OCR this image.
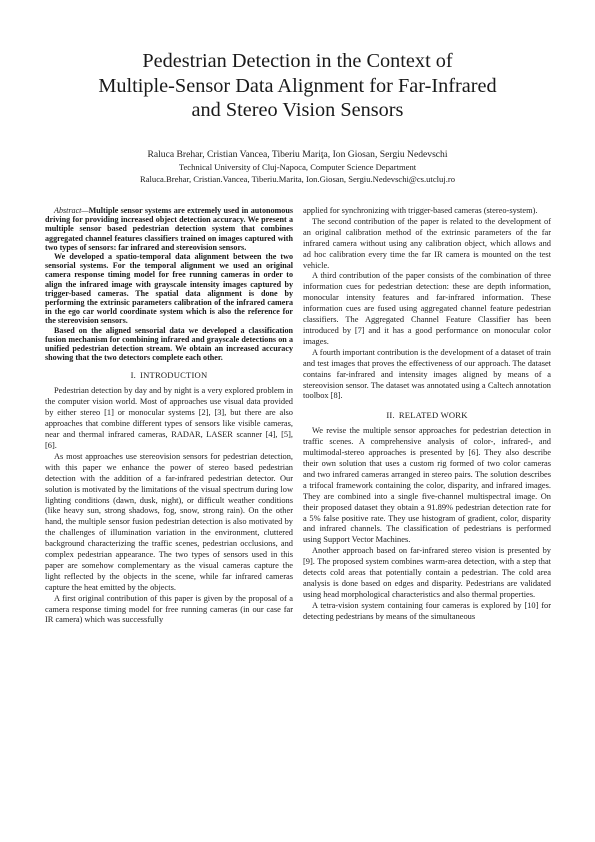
Pedestrian Detection in the Context of
Multiple-Sensor Data Alignment for Far-Infrared
and Stereo Vision Sensors
Raluca Brehar, Cristian Vancea, Tiberiu Mariţa, Ion Giosan, Sergiu Nedevschi
Technical University of Cluj-Napoca, Computer Science Department
Raluca.Brehar, Cristian.Vancea, Tiberiu.Marita, Ion.Giosan, Sergiu.Nedevschi@cs.utcluj.ro

Abstract—Multiple sensor systems are extremely used in autonomous driving for providing increased object detection accuracy. We present a multiple sensor based pedestrian detection system that combines aggregated channel features classifiers trained on images captured with two types of sensors: far infrared and stereovision sensors.

We developed a spatio-temporal data alignment between the two sensorial systems. For the temporal alignment we used an original camera response timing model for free running cameras in order to align the infrared image with grayscale intensity images captured by trigger-based cameras. The spatial data alignment is done by performing the extrinsic parameters calibration of the infrared camera in the ego car world coordinate system which is also the reference for the stereovision sensors.

Based on the aligned sensorial data we developed a classification fusion mechanism for combining infrared and grayscale detections on a unified pedestrian detection stream. We obtain an increased accuracy showing that the two detectors complete each other.

I. INTRODUCTION

Pedestrian detection by day and by night is a very explored problem in the computer vision world. Most of approaches use visual data provided by either stereo [1] or monocular systems [2], [3], but there are also approaches that combine different types of sensors like visible cameras, near and thermal infrared cameras, RADAR, LASER scanner [4], [5], [6].

As most approaches use stereovision sensors for pedestrian detection, with this paper we enhance the power of stereo based pedestrian detection with the addition of a far-infrared pedestrian detector. Our solution is motivated by the limitations of the visual spectrum during low lighting conditions (dawn, dusk, night), or difficult weather conditions (like heavy sun, strong shadows, fog, snow, strong rain). On the other hand, the multiple sensor fusion pedestrian detection is also motivated by the challenges of illumination variation in the environment, cluttered background characterizing the traffic scenes, pedestrian occlusions, and complex pedestrian appearance. The two types of sensors used in this paper are somehow complementary as the visual cameras capture the light reflected by the objects in the scene, while far infrared cameras capture the heat emitted by the objects.

A first original contribution of this paper is given by the proposal of a camera response timing model for free running cameras (in our case far IR camera) which was successfully

applied for synchronizing with trigger-based cameras (stereo-system).

The second contribution of the paper is related to the development of an original calibration method of the extrinsic parameters of the far infrared camera without using any calibration object, which allows and ad hoc calibration every time the far IR camera is mounted on the test vehicle.

A third contribution of the paper consists of the combination of three information cues for pedestrian detection: these are depth information, monocular intensity features and far-infrared information. These information cues are fused using aggregated channel feature pedestrian classifiers. The Aggregated Channel Feature Classifier has been introduced by [7] and it has a good performance on monocular color images.

A fourth important contribution is the development of a dataset of train and test images that proves the effectiveness of our approach. The dataset contains far-infrared and intensity images aligned by means of a stereovision sensor. The dataset was annotated using a Caltech annotation toolbox [8].

II. RELATED WORK

We revise the multiple sensor approaches for pedestrian detection in traffic scenes. A comprehensive analysis of color-, infrared-, and multimodal-stereo approaches is presented by [6]. They also describe their own solution that uses a custom rig formed of two color cameras and two infrared cameras arranged in stereo pairs. The solution describes a trifocal framework containing the color, disparity, and infrared images. They are combined into a single five-channel multispectral image. On their proposed dataset they obtain a 91.89% pedestrian detection rate for a 5% false positive rate. They use histogram of gradient, color, disparity and infrared channels. The classification of pedestrians is performed using Support Vector Machines.

Another approach based on far-infrared stereo vision is presented by [9]. The proposed system combines warm-area detection, with a step that detects cold areas that potentially contain a pedestrian. The cold area analysis is done based on edges and disparity. Pedestrians are validated using head morphological characteristics and also thermal properties.

A tetra-vision system containing four cameras is explored by [10] for detecting pedestrians by means of the simultaneous
